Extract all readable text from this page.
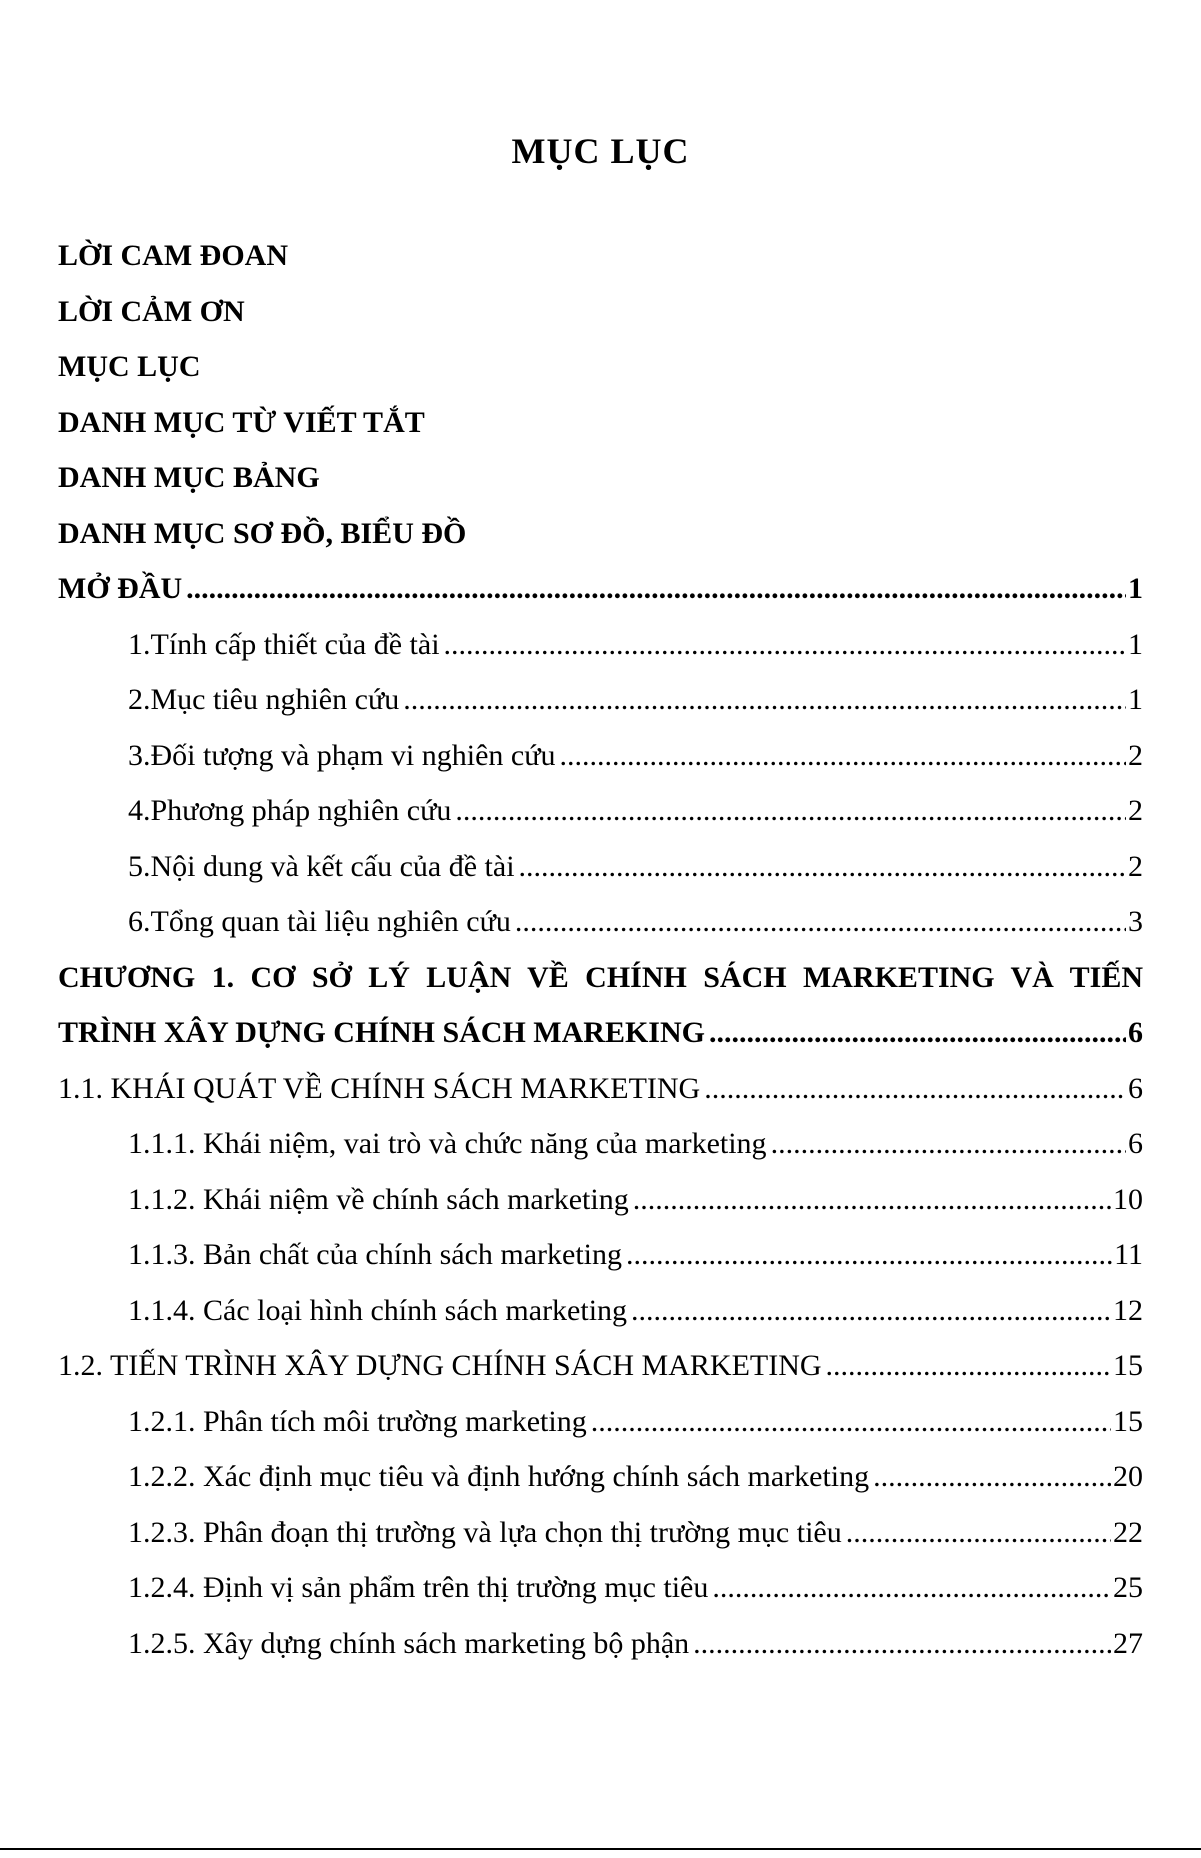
MỤC LỤC
LỜI CAM ĐOAN
LỜI CẢM ƠN
MỤC LỤC
DANH MỤC TỪ VIẾT TẮT
DANH MỤC BẢNG
DANH MỤC SƠ ĐỒ, BIỂU ĐỒ
MỞ ĐẦU .....	1
1.Tính cấp thiết của đề tài .....	1
2.Mục tiêu nghiên cứu .....	1
3.Đối tượng và phạm vi nghiên cứu .....	2
4.Phương pháp nghiên cứu .....	2
5.Nội dung và kết cấu của đề tài .....	2
6.Tổng quan tài liệu nghiên cứu .....	3
CHƯƠNG 1. CƠ SỞ LÝ LUẬN VỀ CHÍNH SÁCH MARKETING VÀ TIẾN
TRÌNH XÂY DỰNG CHÍNH SÁCH MAREKING .....	6
1.1. KHÁI QUÁT VỀ CHÍNH SÁCH MARKETING .....	6
1.1.1. Khái niệm, vai trò và chức năng của marketing .....	6
1.1.2. Khái niệm về chính sách marketing .....	10
1.1.3. Bản chất của chính sách marketing .....	11
1.1.4. Các loại hình chính sách marketing .....	12
1.2. TIẾN TRÌNH XÂY DỰNG CHÍNH SÁCH MARKETING .....	15
1.2.1. Phân tích môi trường marketing .....	15
1.2.2. Xác định mục tiêu và định hướng chính sách marketing .....	20
1.2.3. Phân đoạn thị trường và lựa chọn thị trường mục tiêu .....	22
1.2.4. Định vị sản phẩm trên thị trường mục tiêu .....	25
1.2.5. Xây dựng chính sách marketing bộ phận .....	27
